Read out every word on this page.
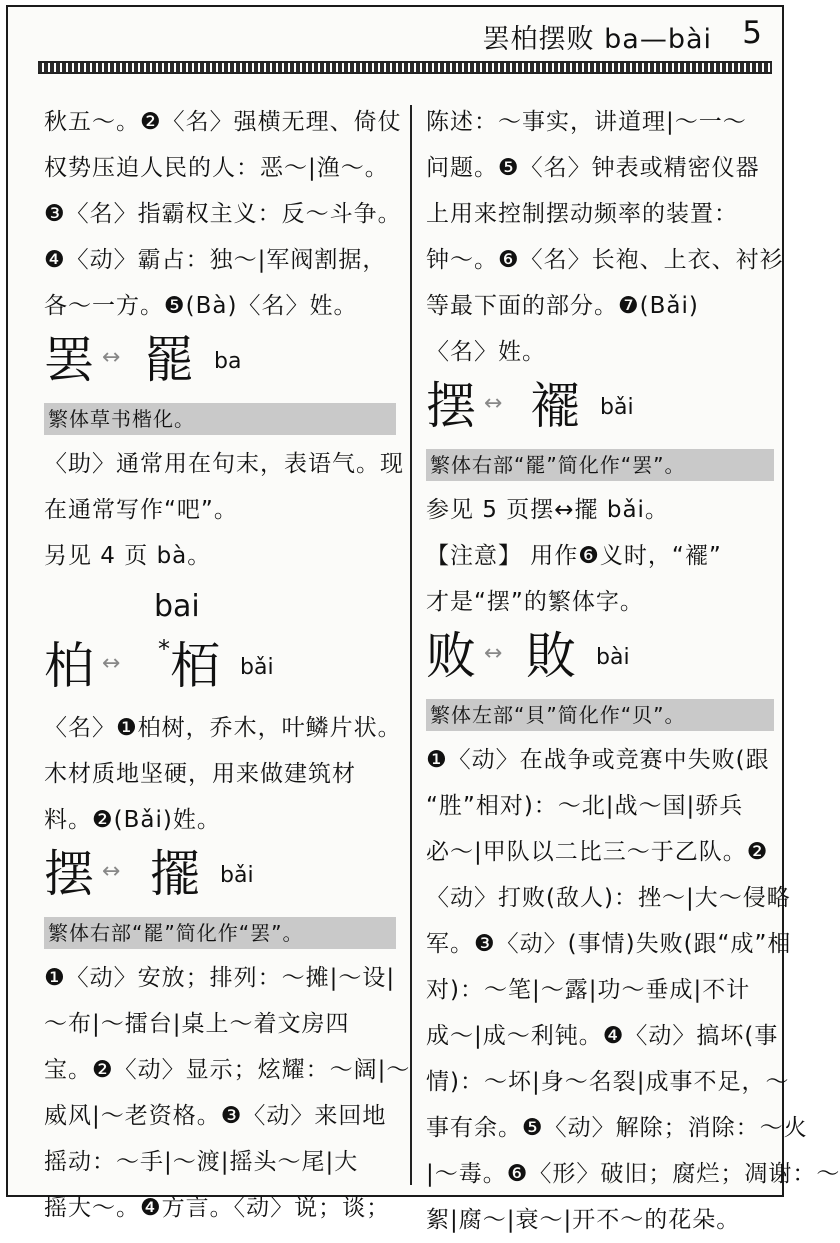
罢柏摆败 ba—bài 5
秋五～。❷〈名〉强横无理、倚仗
权势压迫人民的人：恶～|渔～。
❸〈名〉指霸权主义：反～斗争。
❹〈动〉霸占：独～|军阀割据，
各～一方。❺(Bà)〈名〉姓。
罢 ↔ 罷 ba
繁体草书楷化。
〈助〉通常用在句末，表语气。现
在通常写作“吧”。
另见 4 页 bà。
bai
柏 ↔
* 栢 bǎi
〈名〉❶柏树，乔木，叶鳞片状。
木材质地坚硬，用来做建筑材
料。❷(Bǎi)姓。
摆 ↔ 擺 bǎi
繁体右部“罷”简化作“罢”。
❶〈动〉安放；排列：～摊|～设|
～布|～擂台|桌上～着文房四
宝。❷〈动〉显示；炫耀：～阔|～
威风|～老资格。❸〈动〉来回地
摇动：～手|～渡|摇头～尾|大
摇大～。❹方言。〈动〉说；谈；
陈述：～事实，讲道理|～一～
问题。❺〈名〉钟表或精密仪器
上用来控制摆动频率的装置：
钟～。❻〈名〉长袍、上衣、衬衫
等最下面的部分。❼(Bǎi)
〈名〉姓。
摆 ↔ 襬 bǎi
繁体右部“罷”简化作“罢”。
参见 5 页摆↔擺 bǎi。
【注意】 用作❻义时，“襬”
才是“摆”的繁体字。
败 ↔ 敗 bài
繁体左部“貝”简化作“贝”。
❶〈动〉在战争或竞赛中失败(跟
“胜”相对)：～北|战～国|骄兵
必～|甲队以二比三～于乙队。❷
〈动〉打败(敌人)：挫～|大～侵略
军。❸〈动〉(事情)失败(跟“成”相
对)：～笔|～露|功～垂成|不计
成～|成～利钝。❹〈动〉搞坏(事
情)：～坏|身～名裂|成事不足，～
事有余。❺〈动〉解除；消除：～火
|～毒。❻〈形〉破旧；腐烂；凋谢：～
絮|腐～|衰～|开不～的花朵。
